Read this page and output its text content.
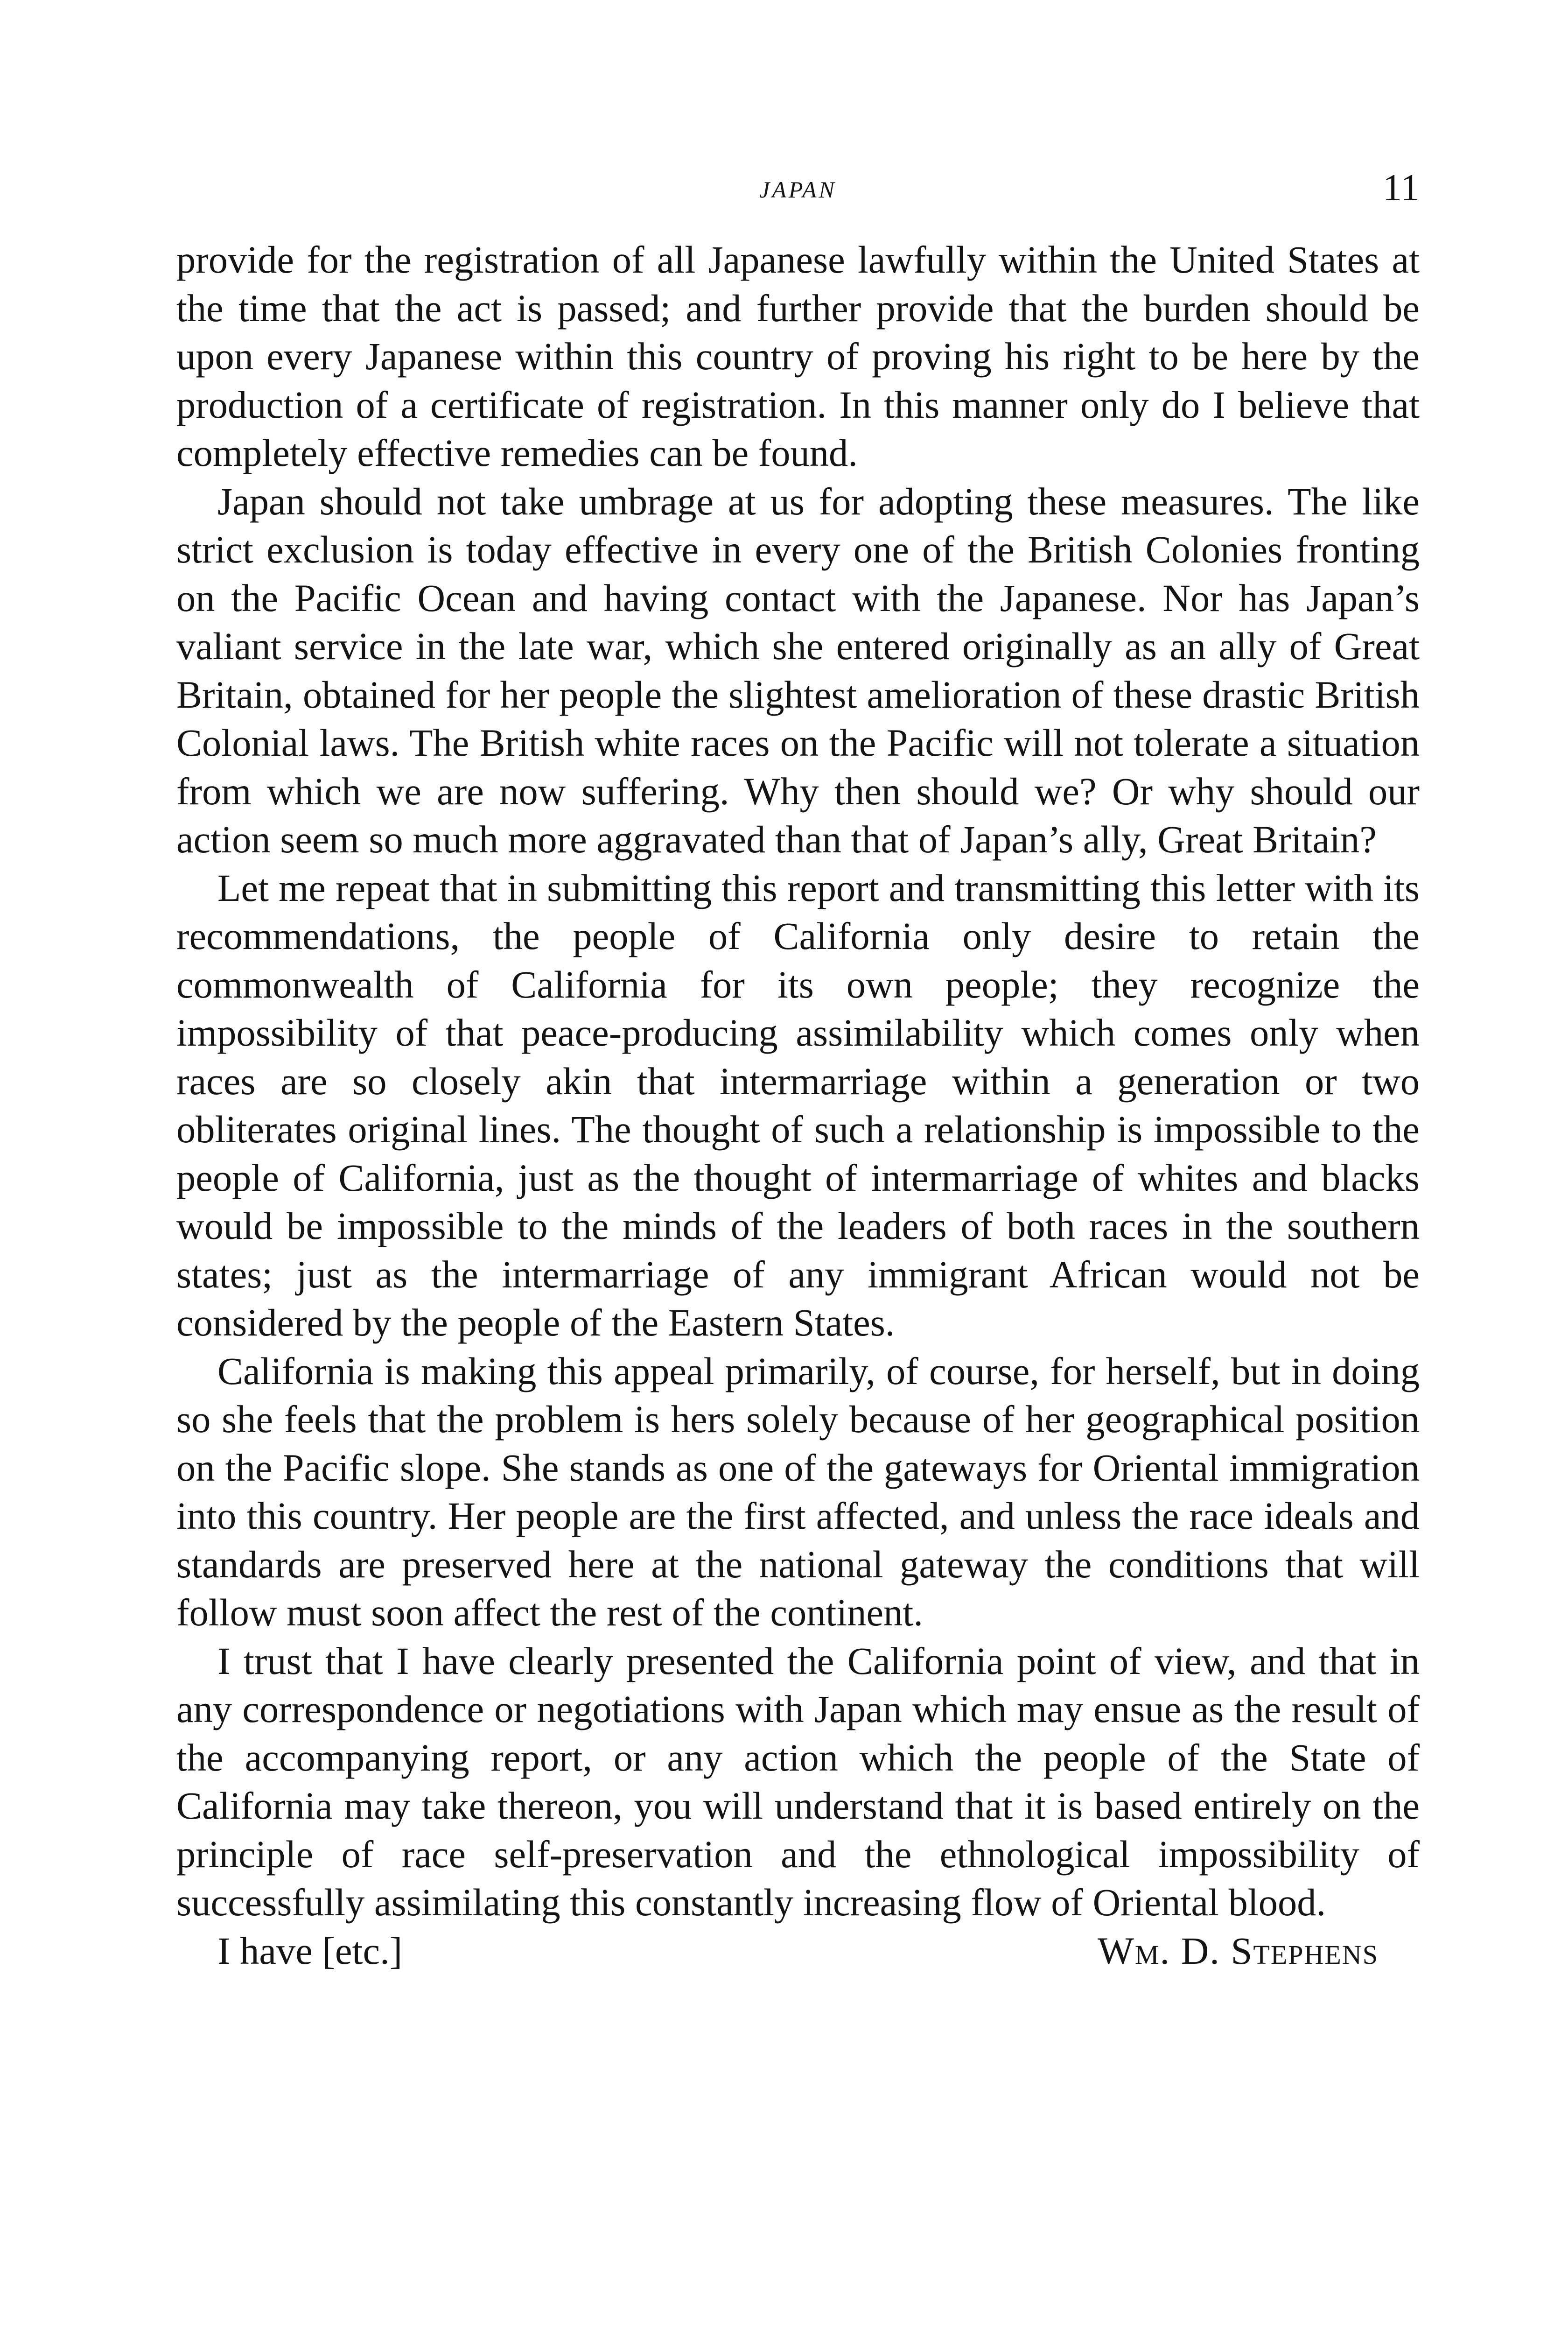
JAPAN	11

provide for the registration of all Japanese lawfully within the United States at the time that the act is passed; and further provide that the burden should be upon every Japanese within this country of proving his right to be here by the production of a certificate of registration. In this manner only do I believe that completely effective remedies can be found.

Japan should not take umbrage at us for adopting these measures. The like strict exclusion is today effective in every one of the British Colonies fronting on the Pacific Ocean and having contact with the Japanese. Nor has Japan’s valiant service in the late war, which she entered originally as an ally of Great Britain, obtained for her people the slightest amelioration of these drastic British Colonial laws. The British white races on the Pacific will not tolerate a situation from which we are now suffering. Why then should we? Or why should our action seem so much more aggravated than that of Japan’s ally, Great Britain?

Let me repeat that in submitting this report and transmitting this letter with its recommendations, the people of California only desire to retain the commonwealth of California for its own people; they recognize the impossibility of that peace-producing assimilability which comes only when races are so closely akin that intermarriage within a generation or two obliterates original lines. The thought of such a relationship is impossible to the people of California, just as the thought of intermarriage of whites and blacks would be impossible to the minds of the leaders of both races in the southern states; just as the intermarriage of any immigrant African would not be considered by the people of the Eastern States.

California is making this appeal primarily, of course, for herself, but in doing so she feels that the problem is hers solely because of her geographical position on the Pacific slope. She stands as one of the gateways for Oriental immigration into this country. Her people are the first affected, and unless the race ideals and standards are preserved here at the national gateway the conditions that will follow must soon affect the rest of the continent.

I trust that I have clearly presented the California point of view, and that in any correspondence or negotiations with Japan which may ensue as the result of the accompanying report, or any action which the people of the State of California may take thereon, you will understand that it is based entirely on the principle of race self-preservation and the ethnological impossibility of successfully assimilating this constantly increasing flow of Oriental blood.

I have [etc.]	Wm. D. Stephens
